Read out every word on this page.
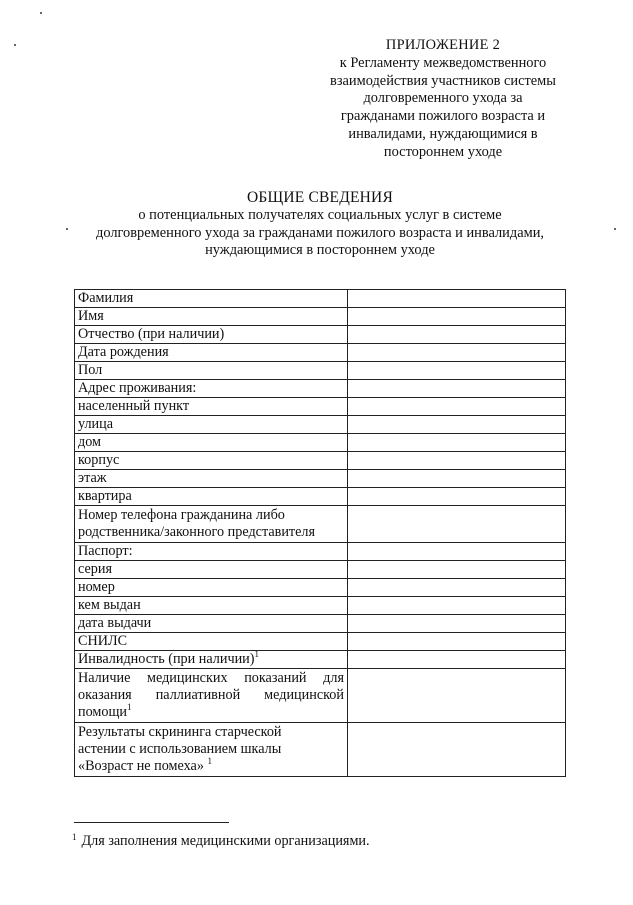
ПРИЛОЖЕНИЕ 2
к Регламенту межведомственного
взаимодействия участников системы
долговременного ухода за
гражданами пожилого возраста и
инвалидами, нуждающимися в
постороннем уходе
ОБЩИЕ СВЕДЕНИЯ
о потенциальных получателях социальных услуг в системе
долговременного ухода за гражданами пожилого возраста и инвалидами,
нуждающимися в постороннем уходе
Фамилия	
Имя	
Отчество (при наличии)	
Дата рождения	
Пол	
Адрес проживания:	
населенный пункт	
улица	
дом	
корпус	
этаж	
квартира	

Номер телефона гражданина либо
родственника/законного представителя	

Паспорт:	
серия	
номер	
кем выдан	
дата выдачи	
СНИЛС	
Инвалидность (при наличии)$^1$	

Наличие медицинских показаний для
оказания паллиативной медицинской
помощи$^1$

Результаты скрининга старческой
астении с использованием шкалы
«Возраст не помеха» $^1$

$^1$ Для заполнения медицинскими организациями.
